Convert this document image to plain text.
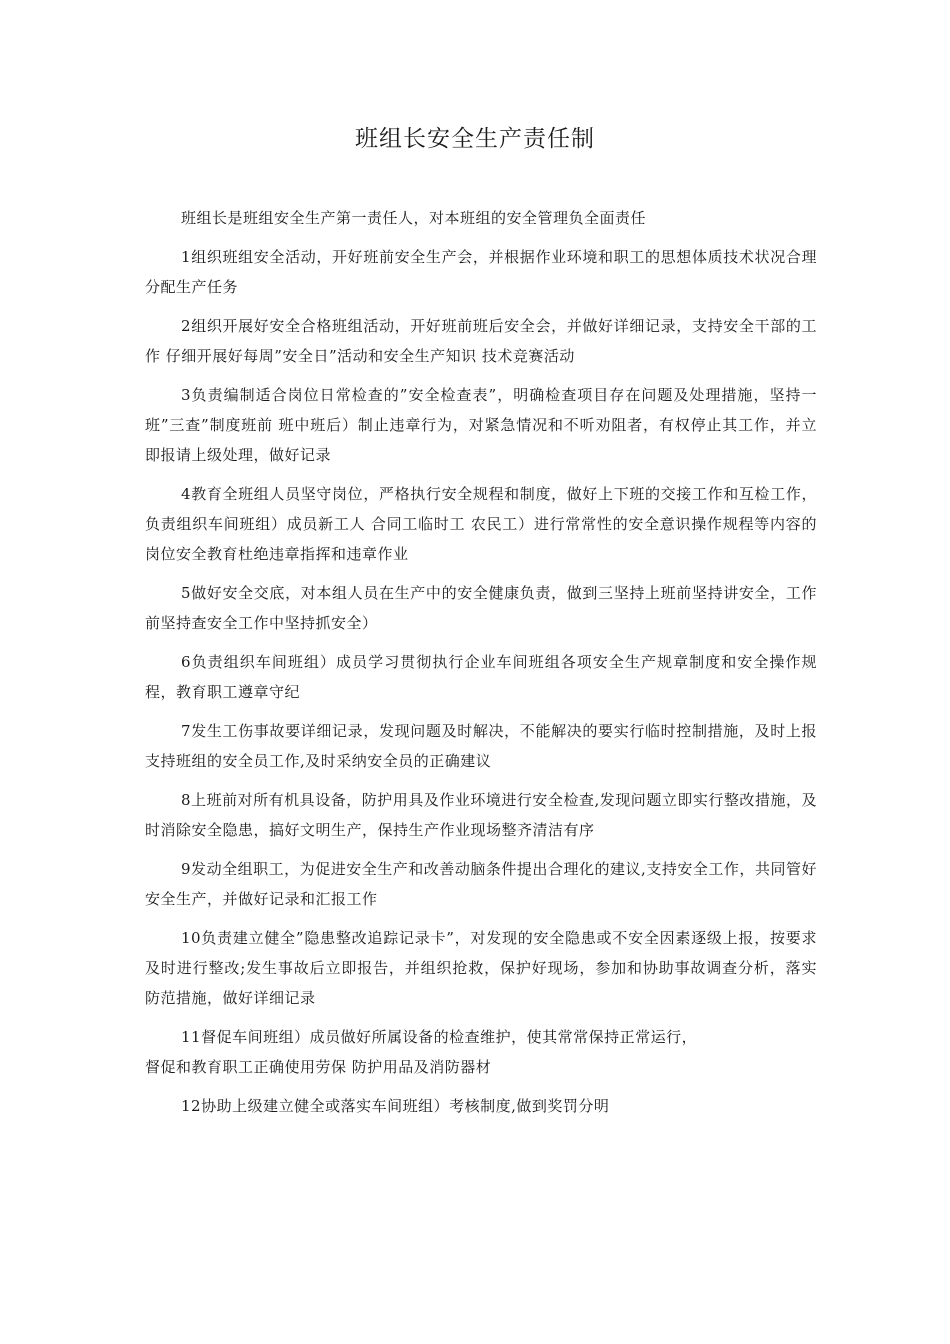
班组长安全生产责任制

班组长是班组安全生产第一责任人，对本班组的安全管理负全面责任

1组织班组安全活动，开好班前安全生产会，并根据作业环境和职工的思想体质技术状况合理分配生产任务

2组织开展好安全合格班组活动，开好班前班后安全会，并做好详细记录，支持安全干部的工作 仔细开展好每周”安全日”活动和安全生产知识 技术竞赛活动

3负责编制适合岗位日常检查的”安全检查表”，明确检查项目存在问题及处理措施，坚持一班”三查”制度班前 班中班后）制止违章行为，对紧急情况和不听劝阻者，有权停止其工作，并立即报请上级处理，做好记录

4教育全班组人员坚守岗位，严格执行安全规程和制度，做好上下班的交接工作和互检工作，负责组织车间班组）成员新工人 合同工临时工 农民工）进行常常性的安全意识操作规程等内容的岗位安全教育杜绝违章指挥和违章作业

5做好安全交底，对本组人员在生产中的安全健康负责，做到三坚持上班前坚持讲安全，工作前坚持查安全工作中坚持抓安全）

6负责组织车间班组）成员学习贯彻执行企业车间班组各项安全生产规章制度和安全操作规程，教育职工遵章守纪

7发生工伤事故要详细记录，发现问题及时解决，不能解决的要实行临时控制措施，及时上报支持班组的安全员工作,及时采纳安全员的正确建议

8上班前对所有机具设备，防护用具及作业环境进行安全检查,发现问题立即实行整改措施，及时消除安全隐患，搞好文明生产，保持生产作业现场整齐清洁有序

9发动全组职工，为促进安全生产和改善动脑条件提出合理化的建议,支持安全工作，共同管好安全生产，并做好记录和汇报工作

10负责建立健全”隐患整改追踪记录卡”，对发现的安全隐患或不安全因素逐级上报，按要求及时进行整改;发生事故后立即报告，并组织抢救，保护好现场，参加和协助事故调查分析，落实防范措施，做好详细记录

11督促车间班组）成员做好所属设备的检查维护，使其常常保持正常运行，
督促和教育职工正确使用劳保 防护用品及消防器材

12协助上级建立健全或落实车间班组）考核制度,做到奖罚分明
